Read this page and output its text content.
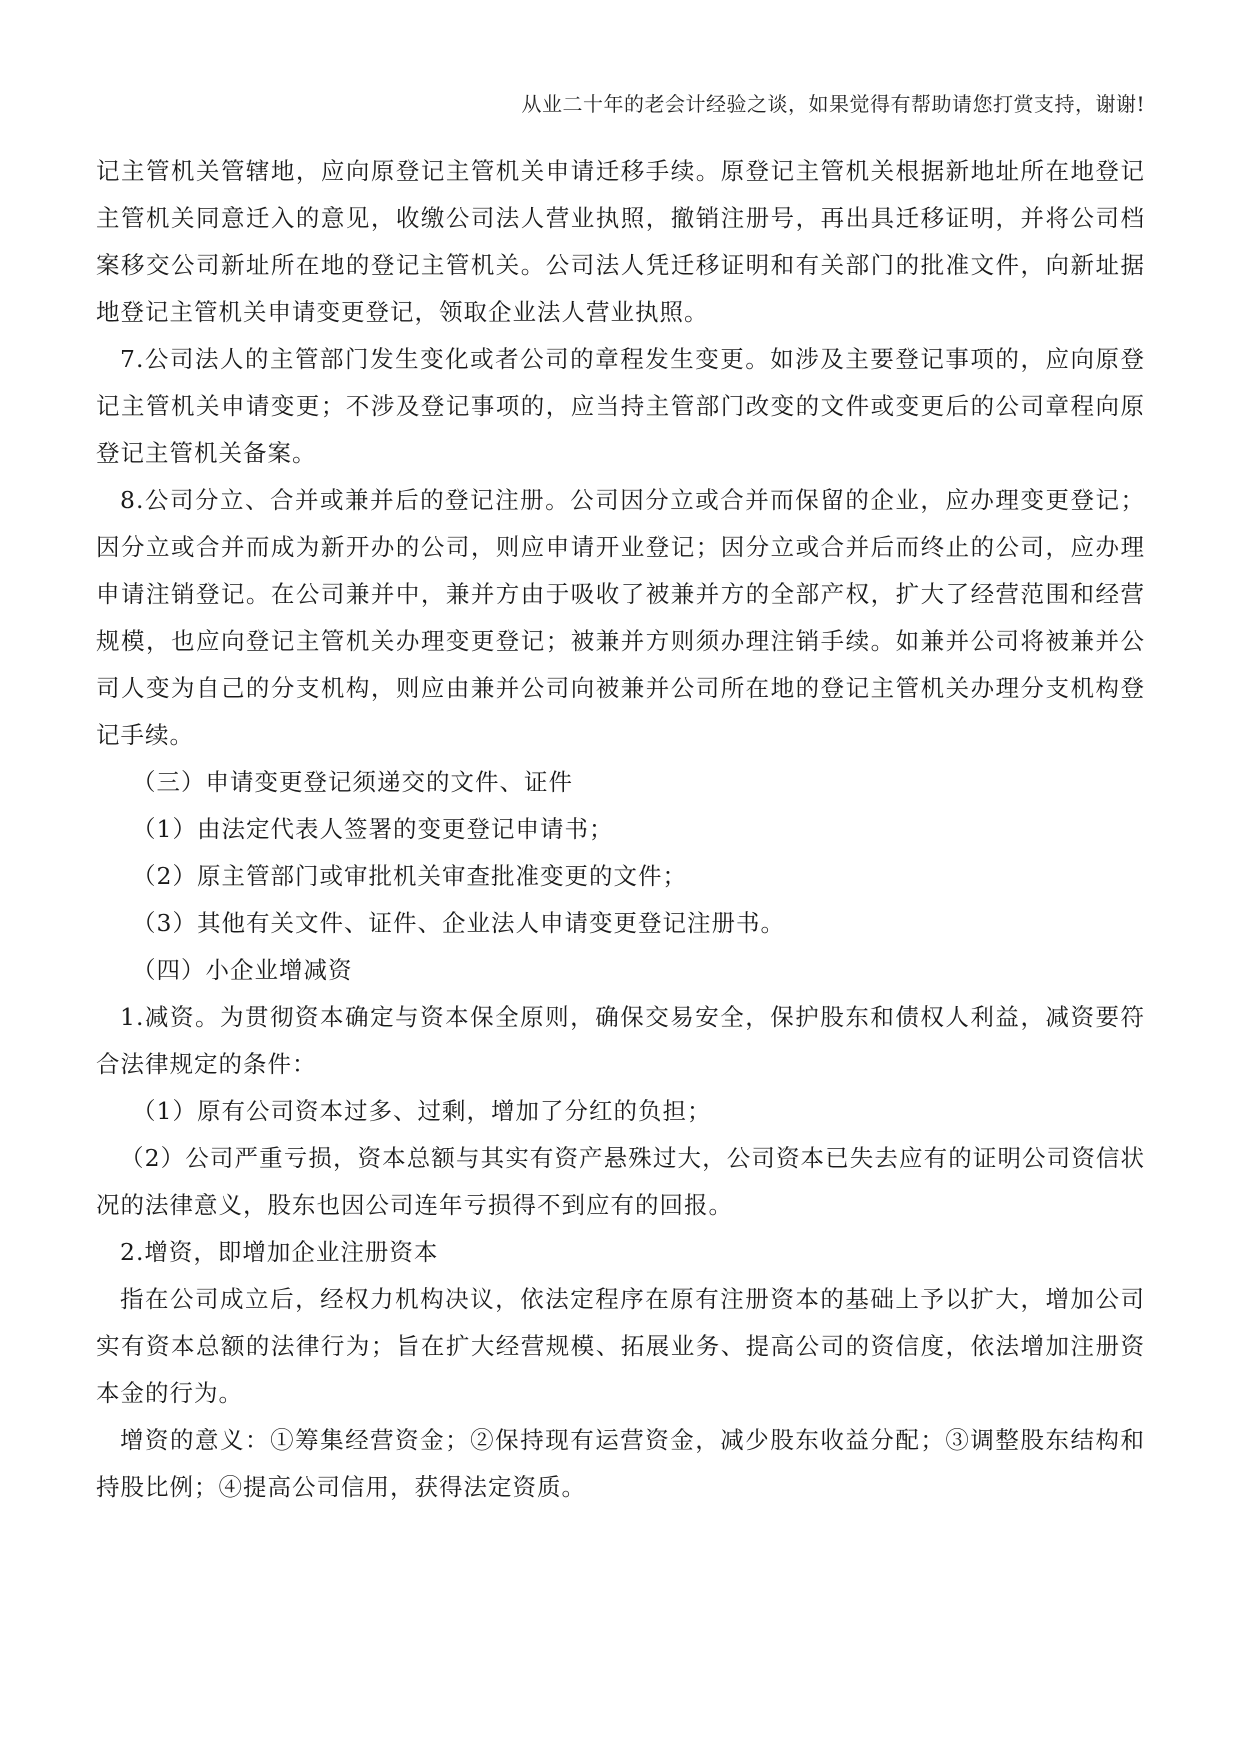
从业二十年的老会计经验之谈，如果觉得有帮助请您打赏支持，谢谢!

记主管机关管辖地，应向原登记主管机关申请迁移手续。原登记主管机关根据新地址所在地登记主管机关同意迁入的意见，收缴公司法人营业执照，撤销注册号，再出具迁移证明，并将公司档案移交公司新址所在地的登记主管机关。公司法人凭迁移证明和有关部门的批准文件，向新址据地登记主管机关申请变更登记，领取企业法人营业执照。

7.公司法人的主管部门发生变化或者公司的章程发生变更。如涉及主要登记事项的，应向原登记主管机关申请变更；不涉及登记事项的，应当持主管部门改变的文件或变更后的公司章程向原登记主管机关备案。

8.公司分立、合并或兼并后的登记注册。公司因分立或合并而保留的企业，应办理变更登记；因分立或合并而成为新开办的公司，则应申请开业登记；因分立或合并后而终止的公司，应办理申请注销登记。在公司兼并中，兼并方由于吸收了被兼并方的全部产权，扩大了经营范围和经营规模，也应向登记主管机关办理变更登记；被兼并方则须办理注销手续。如兼并公司将被兼并公司人变为自己的分支机构，则应由兼并公司向被兼并公司所在地的登记主管机关办理分支机构登记手续。

（三）申请变更登记须递交的文件、证件

（1）由法定代表人签署的变更登记申请书；

（2）原主管部门或审批机关审查批准变更的文件；

（3）其他有关文件、证件、企业法人申请变更登记注册书。

（四）小企业增减资

1.减资。为贯彻资本确定与资本保全原则，确保交易安全，保护股东和债权人利益，减资要符合法律规定的条件：

（1）原有公司资本过多、过剩，增加了分红的负担；

（2）公司严重亏损，资本总额与其实有资产悬殊过大，公司资本已失去应有的证明公司资信状况的法律意义，股东也因公司连年亏损得不到应有的回报。

2.增资，即增加企业注册资本

指在公司成立后，经权力机构决议，依法定程序在原有注册资本的基础上予以扩大，增加公司实有资本总额的法律行为；旨在扩大经营规模、拓展业务、提高公司的资信度，依法增加注册资本金的行为。

增资的意义：①筹集经营资金；②保持现有运营资金，减少股东收益分配；③调整股东结构和持股比例；④提高公司信用，获得法定资质。
